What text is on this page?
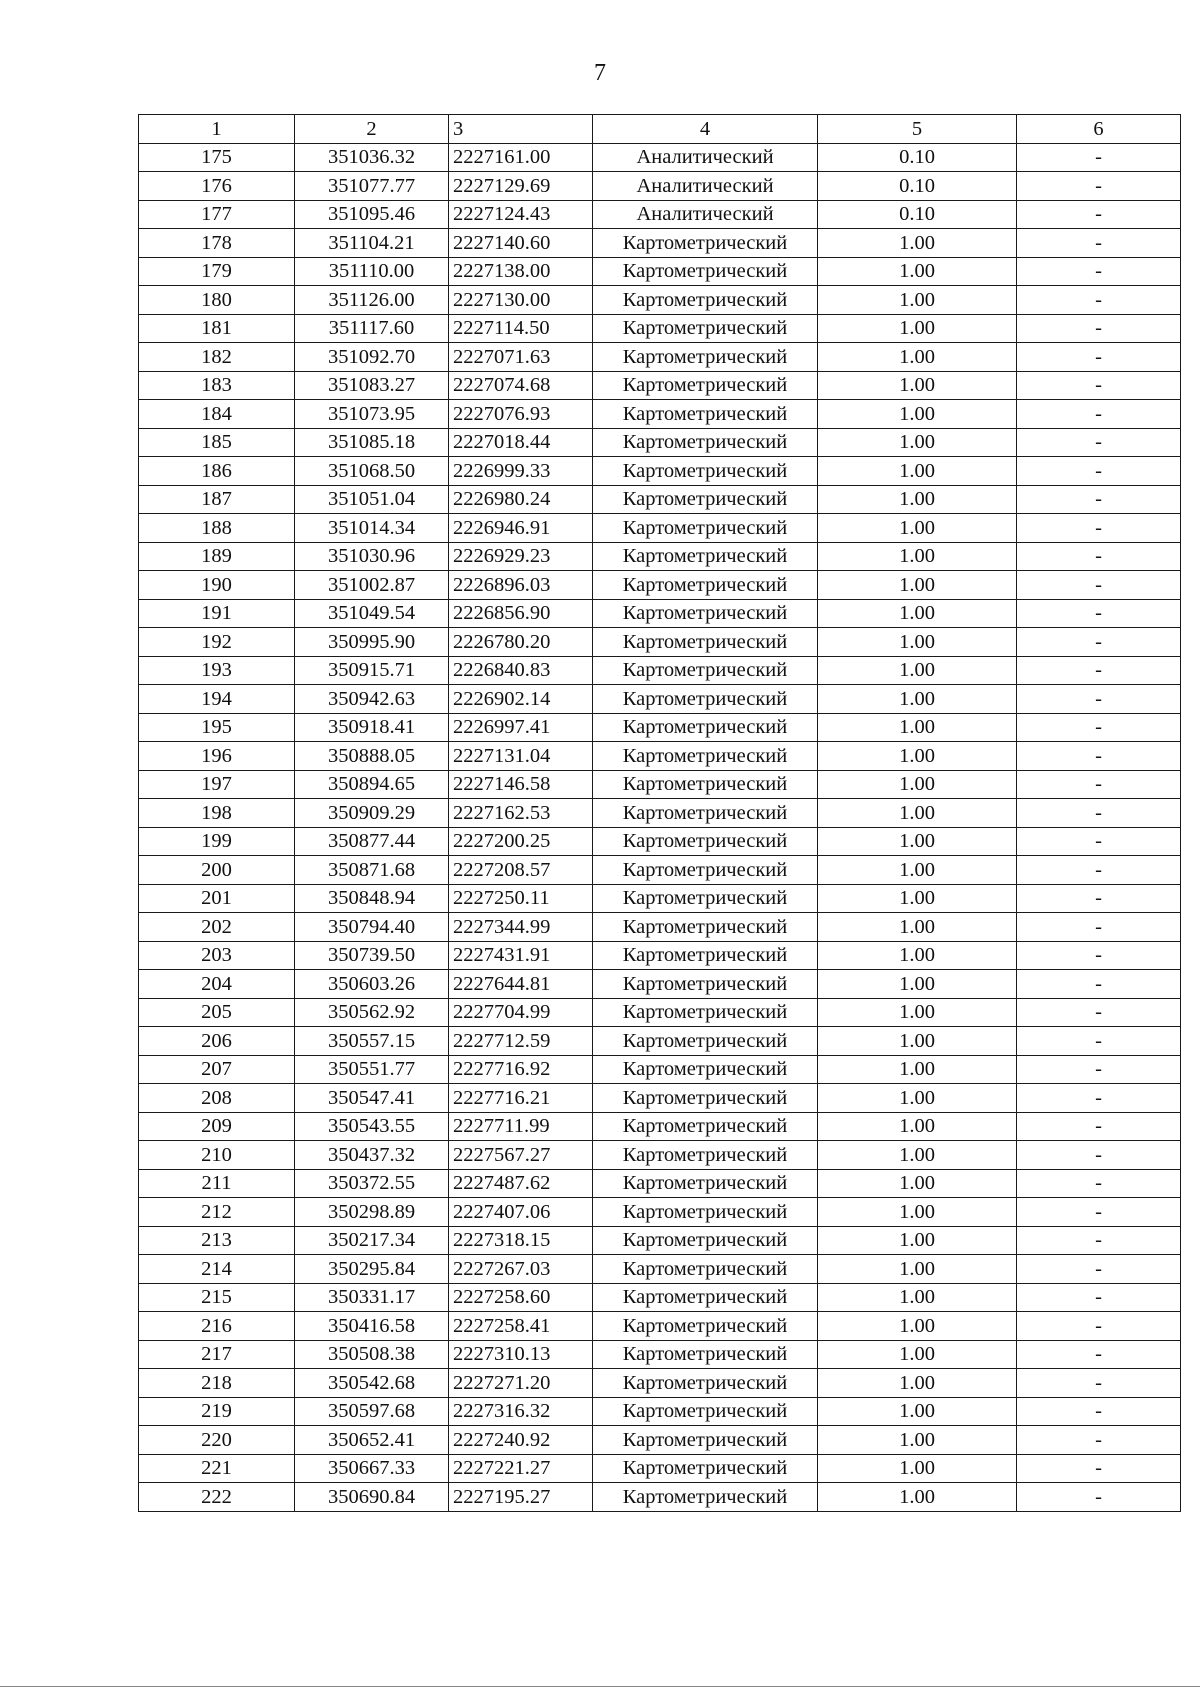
7
1	2	3	4	5	6
175	351036.32	2227161.00	Аналитический	0.10	-
176	351077.77	2227129.69	Аналитический	0.10	-
177	351095.46	2227124.43	Аналитический	0.10	-
178	351104.21	2227140.60	Картометрический	1.00	-
179	351110.00	2227138.00	Картометрический	1.00	-
180	351126.00	2227130.00	Картометрический	1.00	-
181	351117.60	2227114.50	Картометрический	1.00	-
182	351092.70	2227071.63	Картометрический	1.00	-
183	351083.27	2227074.68	Картометрический	1.00	-
184	351073.95	2227076.93	Картометрический	1.00	-
185	351085.18	2227018.44	Картометрический	1.00	-
186	351068.50	2226999.33	Картометрический	1.00	-
187	351051.04	2226980.24	Картометрический	1.00	-
188	351014.34	2226946.91	Картометрический	1.00	-
189	351030.96	2226929.23	Картометрический	1.00	-
190	351002.87	2226896.03	Картометрический	1.00	-
191	351049.54	2226856.90	Картометрический	1.00	-
192	350995.90	2226780.20	Картометрический	1.00	-
193	350915.71	2226840.83	Картометрический	1.00	-
194	350942.63	2226902.14	Картометрический	1.00	-
195	350918.41	2226997.41	Картометрический	1.00	-
196	350888.05	2227131.04	Картометрический	1.00	-
197	350894.65	2227146.58	Картометрический	1.00	-
198	350909.29	2227162.53	Картометрический	1.00	-
199	350877.44	2227200.25	Картометрический	1.00	-
200	350871.68	2227208.57	Картометрический	1.00	-
201	350848.94	2227250.11	Картометрический	1.00	-
202	350794.40	2227344.99	Картометрический	1.00	-
203	350739.50	2227431.91	Картометрический	1.00	-
204	350603.26	2227644.81	Картометрический	1.00	-
205	350562.92	2227704.99	Картометрический	1.00	-
206	350557.15	2227712.59	Картометрический	1.00	-
207	350551.77	2227716.92	Картометрический	1.00	-
208	350547.41	2227716.21	Картометрический	1.00	-
209	350543.55	2227711.99	Картометрический	1.00	-
210	350437.32	2227567.27	Картометрический	1.00	-
211	350372.55	2227487.62	Картометрический	1.00	-
212	350298.89	2227407.06	Картометрический	1.00	-
213	350217.34	2227318.15	Картометрический	1.00	-
214	350295.84	2227267.03	Картометрический	1.00	-
215	350331.17	2227258.60	Картометрический	1.00	-
216	350416.58	2227258.41	Картометрический	1.00	-
217	350508.38	2227310.13	Картометрический	1.00	-
218	350542.68	2227271.20	Картометрический	1.00	-
219	350597.68	2227316.32	Картометрический	1.00	-
220	350652.41	2227240.92	Картометрический	1.00	-
221	350667.33	2227221.27	Картометрический	1.00	-
222	350690.84	2227195.27	Картометрический	1.00	-
